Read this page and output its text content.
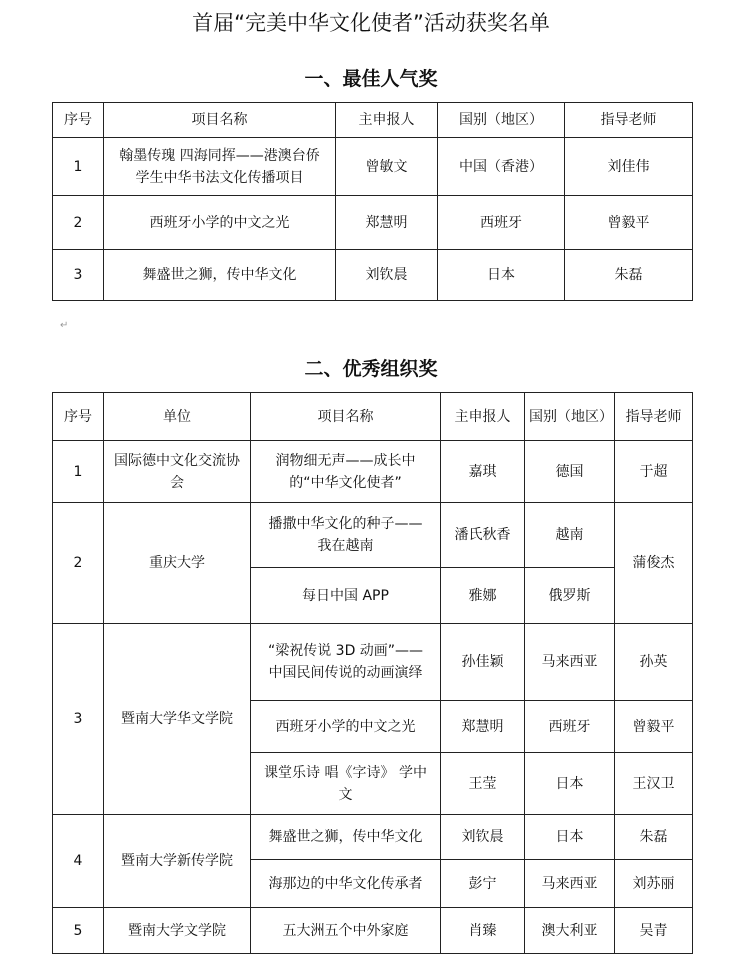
首届“完美中华文化使者”活动获奖名单
一、最佳人气奖
序号	项目名称	主申报人	国别（地区）	指导老师
1	翰墨传瑰 四海同挥——港澳台侨学生中华书法文化传播项目	曾敏文	中国（香港）	刘佳伟
2	西班牙小学的中文之光	郑慧明	西班牙	曾毅平
3	舞盛世之狮，传中华文化	刘钦晨	日本	朱磊
↵
二、优秀组织奖
序号	单位	项目名称	主申报人	国别（地区）	指导老师
1	国际德中文化交流协会	润物细无声——成长中的“中华文化使者”	嘉琪	德国	于超
2	重庆大学	播撒中华文化的种子——我在越南	潘氏秋香	越南	蒲俊杰
		每日中国 APP	雅娜	俄罗斯	
3	暨南大学华文学院	“梁祝传说 3D 动画”——中国民间传说的动画演绎	孙佳颖	马来西亚	孙英
		西班牙小学的中文之光	郑慧明	西班牙	曾毅平
		课堂乐诗 唱《字诗》 学中文	王莹	日本	王汉卫
4	暨南大学新传学院	舞盛世之狮，传中华文化	刘钦晨	日本	朱磊
		海那边的中华文化传承者	彭宁	马来西亚	刘苏丽
5	暨南大学文学院	五大洲五个中外家庭	肖臻	澳大利亚	吴青
